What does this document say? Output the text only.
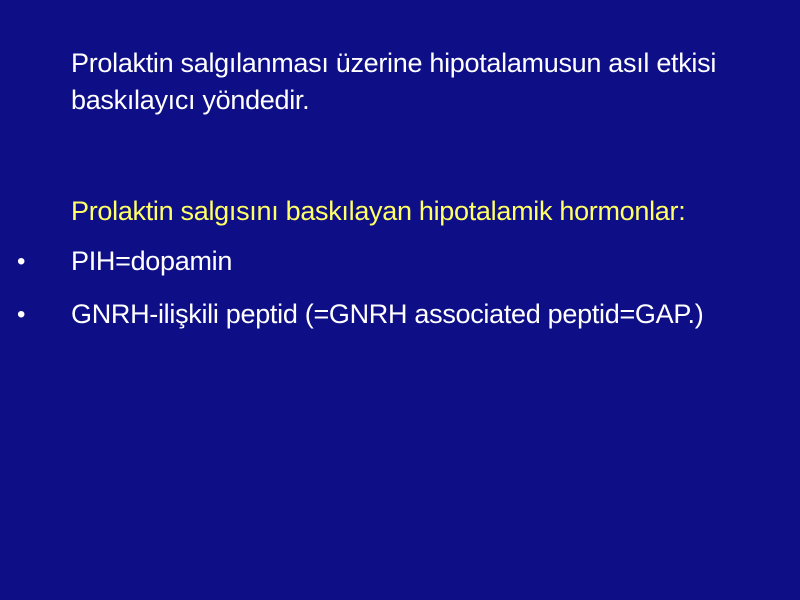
Prolaktin salgılanması üzerine hipotalamusun asıl etkisi
baskılayıcı yöndedir.
Prolaktin salgısını baskılayan hipotalamik hormonlar:
• PIH=dopamin
• GNRH-ilişkili peptid (=GNRH associated peptid=GAP.)
